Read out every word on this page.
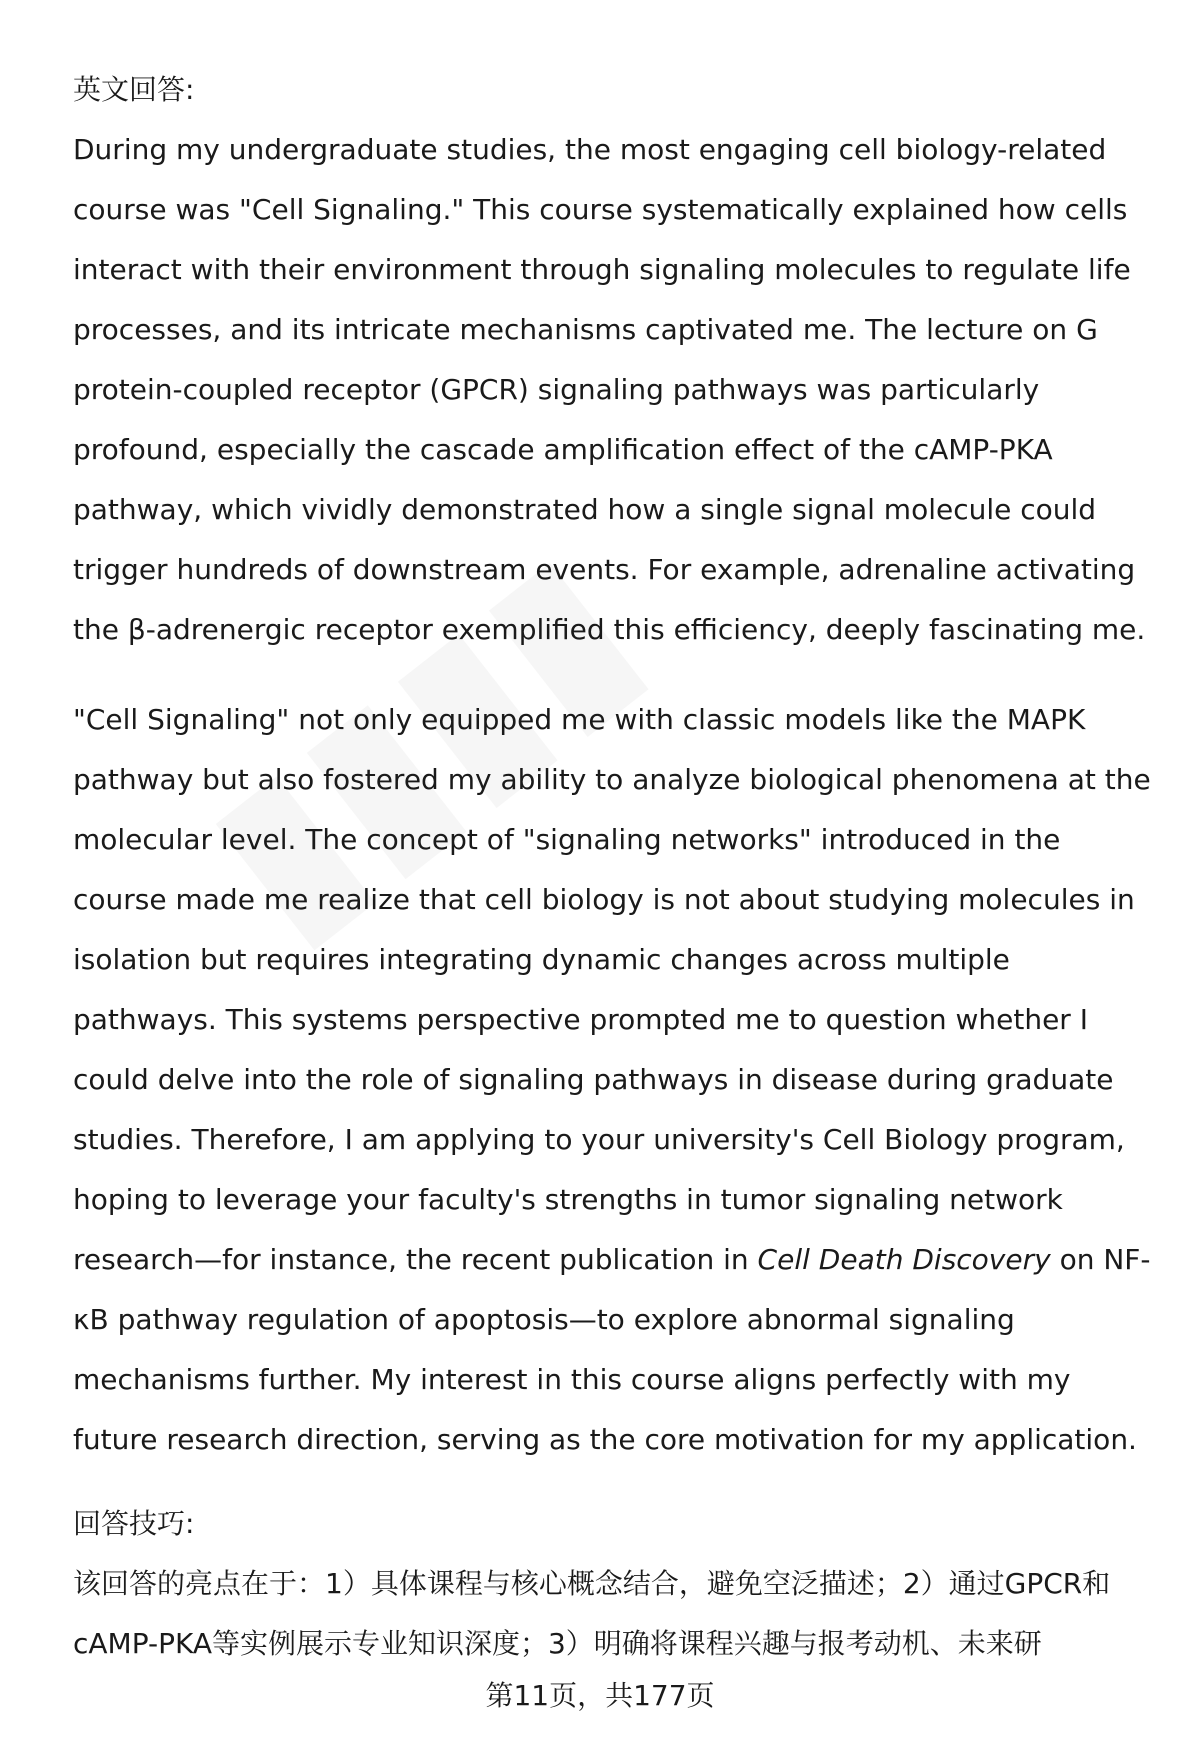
英文回答:

During my undergraduate studies, the most engaging cell biology-related course was "Cell Signaling." This course systematically explained how cells interact with their environment through signaling molecules to regulate life processes, and its intricate mechanisms captivated me. The lecture on G protein-coupled receptor (GPCR) signaling pathways was particularly profound, especially the cascade amplification effect of the cAMP-PKA pathway, which vividly demonstrated how a single signal molecule could trigger hundreds of downstream events. For example, adrenaline activating the β-adrenergic receptor exemplified this efficiency, deeply fascinating me.

"Cell Signaling" not only equipped me with classic models like the MAPK pathway but also fostered my ability to analyze biological phenomena at the molecular level. The concept of "signaling networks" introduced in the course made me realize that cell biology is not about studying molecules in isolation but requires integrating dynamic changes across multiple pathways. This systems perspective prompted me to question whether I could delve into the role of signaling pathways in disease during graduate studies. Therefore, I am applying to your university's Cell Biology program, hoping to leverage your faculty's strengths in tumor signaling network research—for instance, the recent publication in Cell Death Discovery on NF-κB pathway regulation of apoptosis—to explore abnormal signaling mechanisms further. My interest in this course aligns perfectly with my future research direction, serving as the core motivation for my application.

回答技巧:

该回答的亮点在于：1）具体课程与核心概念结合，避免空泛描述；2）通过GPCR和cAMP-PKA等实例展示专业知识深度；3）明确将课程兴趣与报考动机、未来研

第11页，共177页
